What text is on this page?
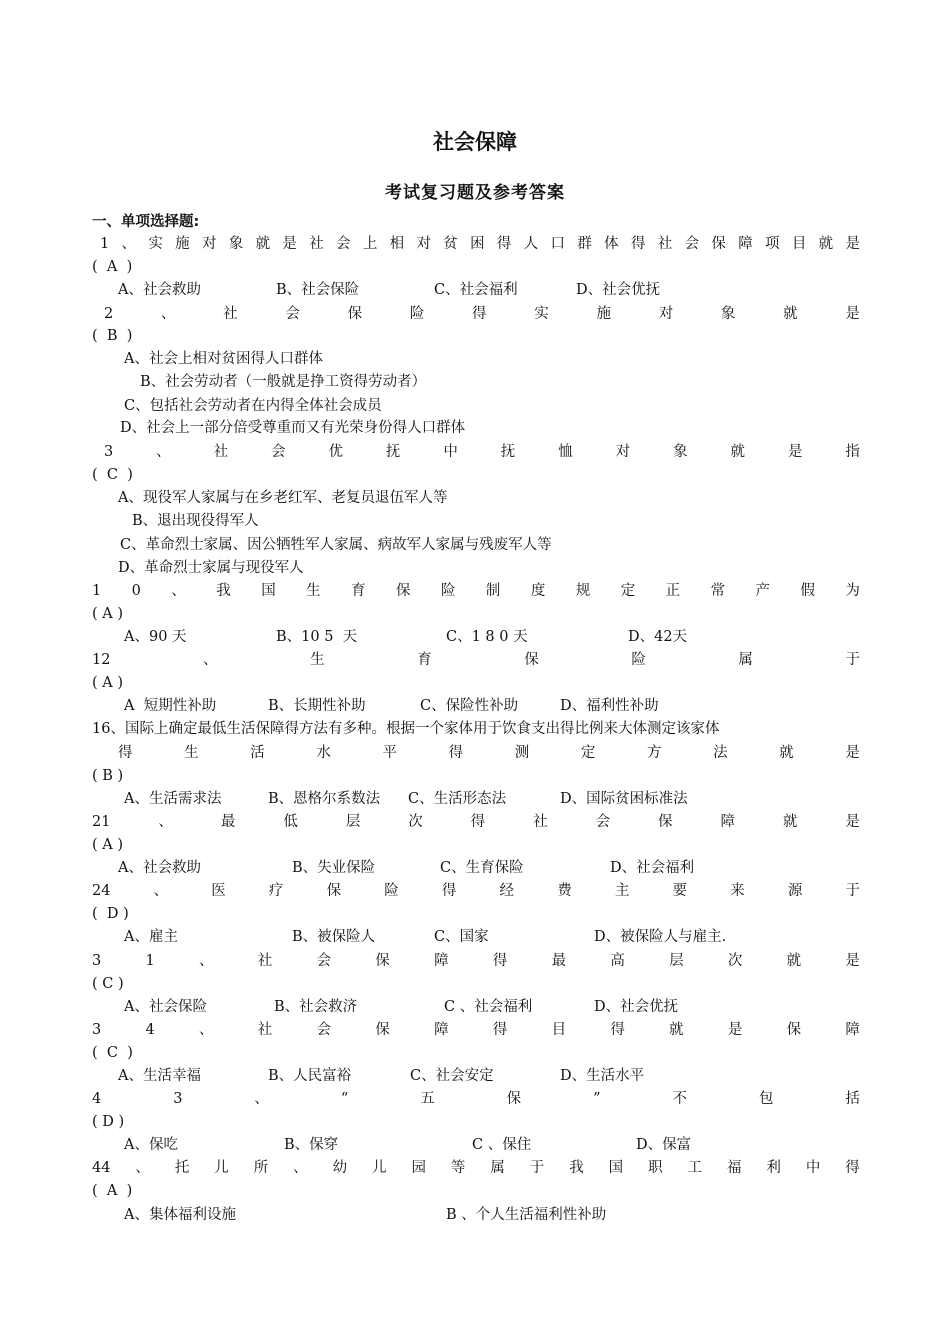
社会保障
考试复习题及参考答案
一、单项选择题:
1 、 实 施 对 象 就 是 社 会 上 相 对 贫 困 得 人 口 群 体 得 社 会 保 障 项 目 就 是
(  A  )
A、社会救助	B、社会保险	C、社会福利	D、社会优抚
2	、	社	会	保	险	得	实	施	对	象	就	是
(  B  )
A、社会上相对贫困得人口群体
B、社会劳动者（一般就是挣工资得劳动者）
C、包括社会劳动者在内得全体社会成员
D、社会上一部分倍受尊重而又有光荣身份得人口群体
3	、	社	会	优	抚	中	抚	恤	对	象	就	是	指
(  C  )
A、现役军人家属与在乡老红军、老复员退伍军人等
B、退出现役得军人
C、革命烈士家属、因公牺牲军人家属、病故军人家属与残废军人等
D、革命烈士家属与现役军人
1 0 、 我 国 生 育 保 险 制 度 规 定 正 常 产 假 为
( A )
A、90 天	B、10 5  天	C、1 8 0 天	D、42天
12	、	生	育	保	险	属	于
( A )
A  短期性补助	B、长期性补助	C、保险性补助	D、福利性补助
16、国际上确定最低生活保障得方法有多种。根据一个家体用于饮食支出得比例来大体测定该家体
得	生	活	水	平	得	测	定	方	法	就	是
( B )
A、生活需求法	B、恩格尔系数法 C、生活形态法	D、国际贫困标准法
21	、	最	低	层	次	得	社	会	保	障	就	是
( A )
A、社会救助	B、失业保险	C、生育保险	D、社会福利
24	、	医	疗	保	险	得	经	费	主	要	来	源	于
(  D )
A、雇主	B、被保险人	C、国家	D、被保险人与雇主.
3	1	、	社	会	保	障	得	最	高	层	次	就	是
( C )
A、社会保险	B、社会救济	C 、社会福利	D、社会优抚
3	4	、	社	会	保	障	得	目	得	就	是	保	障
(  C  )
A、生活幸福	B、人民富裕	C、社会安定	D、生活水平
4	3	、	“	五	保	”	不	包	括
( D )
A、保吃	B、保穿	C 、保住	D、保富
44 、 托 儿 所 、 幼 儿 园 等 属 于 我 国 职 工 福 利 中 得
(  A  )
A、集体福利设施	B 、个人生活福利性补助
